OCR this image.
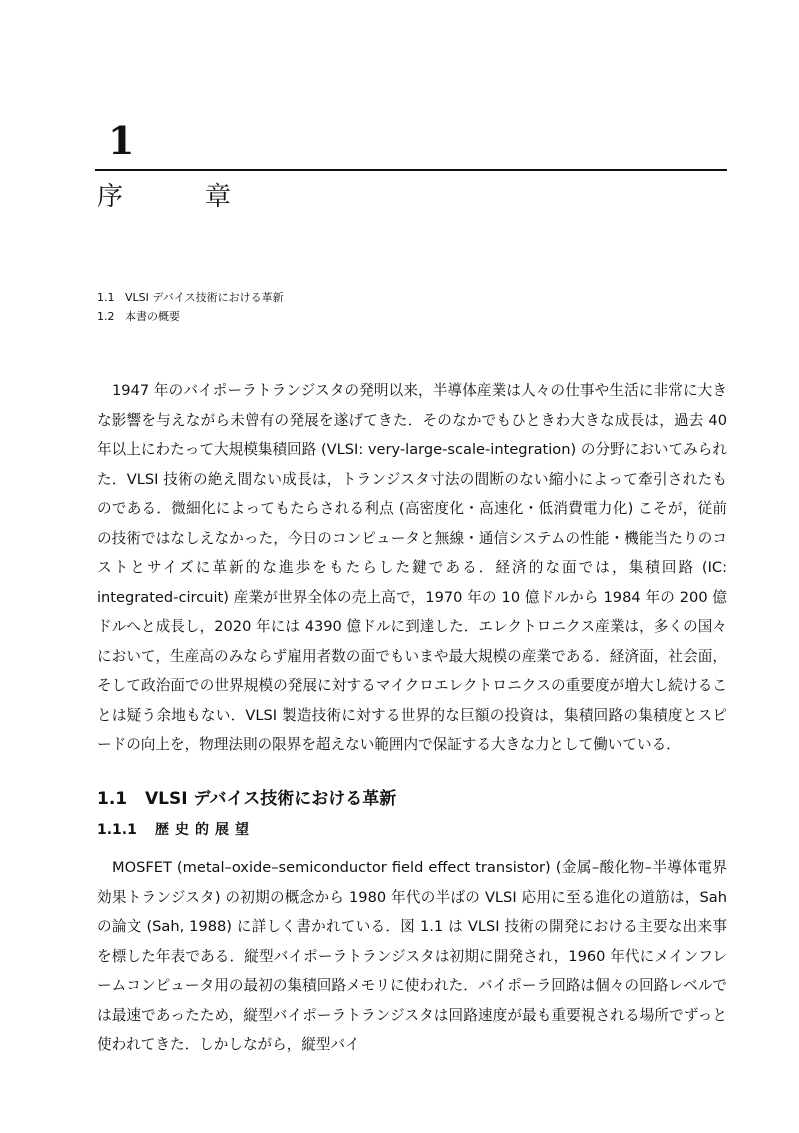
1
序	章
1.1 VLSI デバイス技術における革新
1.2 本書の概要

1947 年のバイポーラトランジスタの発明以来，半導体産業は人々の仕事や生活に非常に大きな影響を与えながら未曾有の発展を遂げてきた．そのなかでもひときわ大きな成長は，過去 40 年以上にわたって大規模集積回路 (VLSI: very-large-scale-integration) の分野においてみられた．VLSI 技術の絶え間ない成長は，トランジスタ寸法の間断のない縮小によって牽引されたものである．微細化によってもたらされる利点 (高密度化・高速化・低消費電力化) こそが，従前の技術ではなしえなかった，今日のコンピュータと無線・通信システムの性能・機能当たりのコストとサイズに革新的な進歩をもたらした鍵である．経済的な面では，集積回路 (IC: integrated-circuit) 産業が世界全体の売上高で，1970 年の 10 億ドルから 1984 年の 200 億ドルへと成長し，2020 年には 4390 億ドルに到達した．エレクトロニクス産業は，多くの国々において，生産高のみならず雇用者数の面でもいまや最大規模の産業である．経済面，社会面，そして政治面での世界規模の発展に対するマイクロエレクトロニクスの重要度が増大し続けることは疑う余地もない．VLSI 製造技術に対する世界的な巨額の投資は，集積回路の集積度とスピードの向上を，物理法則の限界を超えない範囲内で保証する大きな力として働いている．

1.1 VLSI デバイス技術における革新
1.1.1 歴史的展望

MOSFET (metal–oxide–semiconductor field effect transistor) (金属–酸化物–半導体電界効果トランジスタ) の初期の概念から 1980 年代の半ばの VLSI 応用に至る進化の道筋は，Sah の論文 (Sah, 1988) に詳しく書かれている．図 1.1 は VLSI 技術の開発における主要な出来事を標した年表である．縦型バイポーラトランジスタは初期に開発され，1960 年代にメインフレームコンピュータ用の最初の集積回路メモリに使われた．バイポーラ回路は個々の回路レベルでは最速であったため，縦型バイポーラトランジスタは回路速度が最も重要視される場所でずっと使われてきた．しかしながら，縦型バイ
